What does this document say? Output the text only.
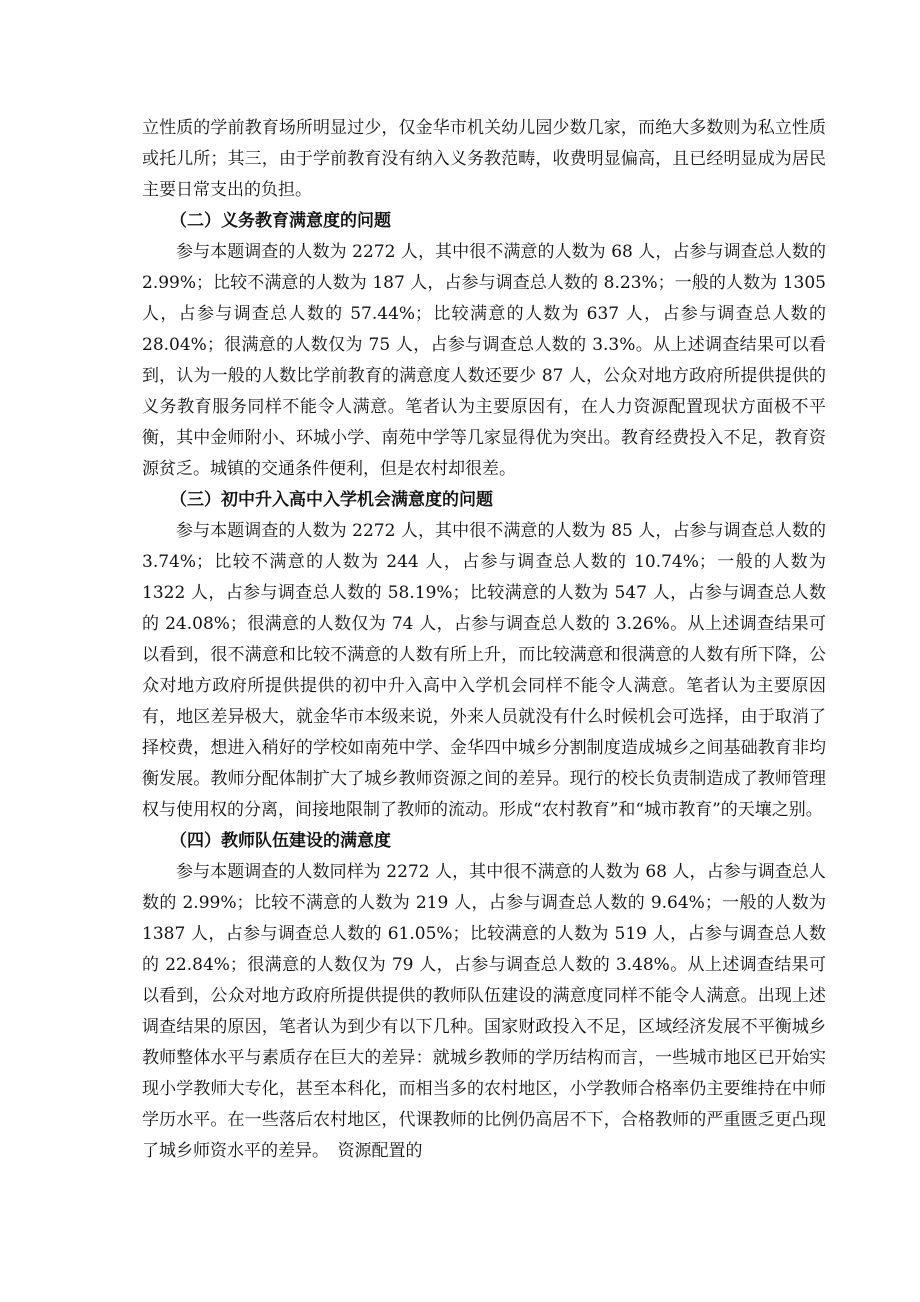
立性质的学前教育场所明显过少，仅金华市机关幼儿园少数几家，而绝大多数则为私立性质或托儿所；其三，由于学前教育没有纳入义务教范畴，收费明显偏高，且已经明显成为居民主要日常支出的负担。

（二）义务教育满意度的问题

参与本题调查的人数为 2272 人，其中很不满意的人数为 68 人，占参与调查总人数的 2.99%；比较不满意的人数为 187 人，占参与调查总人数的 8.23%；一般的人数为 1305 人，占参与调查总人数的 57.44%；比较满意的人数为 637 人，占参与调查总人数的 28.04%；很满意的人数仅为 75 人，占参与调查总人数的 3.3%。从上述调查结果可以看到，认为一般的人数比学前教育的满意度人数还要少 87 人，公众对地方政府所提供提供的义务教育服务同样不能令人满意。笔者认为主要原因有，在人力资源配置现状方面极不平衡，其中金师附小、环城小学、南苑中学等几家显得优为突出。教育经费投入不足，教育资源贫乏。城镇的交通条件便利，但是农村却很差。

（三）初中升入高中入学机会满意度的问题

参与本题调查的人数为 2272 人，其中很不满意的人数为 85 人，占参与调查总人数的 3.74%；比较不满意的人数为 244 人，占参与调查总人数的 10.74%；一般的人数为 1322 人，占参与调查总人数的 58.19%；比较满意的人数为 547 人，占参与调查总人数的 24.08%；很满意的人数仅为 74 人，占参与调查总人数的 3.26%。从上述调查结果可以看到，很不满意和比较不满意的人数有所上升，而比较满意和很满意的人数有所下降，公众对地方政府所提供提供的初中升入高中入学机会同样不能令人满意。笔者认为主要原因有，地区差异极大，就金华市本级来说，外来人员就没有什么时候机会可选择，由于取消了择校费，想进入稍好的学校如南苑中学、金华四中城乡分割制度造成城乡之间基础教育非均衡发展。教师分配体制扩大了城乡教师资源之间的差异。现行的校长负责制造成了教师管理权与使用权的分离，间接地限制了教师的流动。形成“农村教育”和“城市教育”的天壤之别。

（四）教师队伍建设的满意度

参与本题调查的人数同样为 2272 人，其中很不满意的人数为 68 人，占参与调查总人数的 2.99%；比较不满意的人数为 219 人，占参与调查总人数的 9.64%；一般的人数为 1387 人，占参与调查总人数的 61.05%；比较满意的人数为 519 人，占参与调查总人数的 22.84%；很满意的人数仅为 79 人，占参与调查总人数的 3.48%。从上述调查结果可以看到，公众对地方政府所提供提供的教师队伍建设的满意度同样不能令人满意。出现上述调查结果的原因，笔者认为到少有以下几种。国家财政投入不足，区域经济发展不平衡城乡教师整体水平与素质存在巨大的差异：就城乡教师的学历结构而言，一些城市地区已开始实现小学教师大专化，甚至本科化，而相当多的农村地区，小学教师合格率仍主要维持在中师学历水平。在一些落后农村地区，代课教师的比例仍高居不下，合格教师的严重匮乏更凸现了城乡师资水平的差异。　资源配置的
